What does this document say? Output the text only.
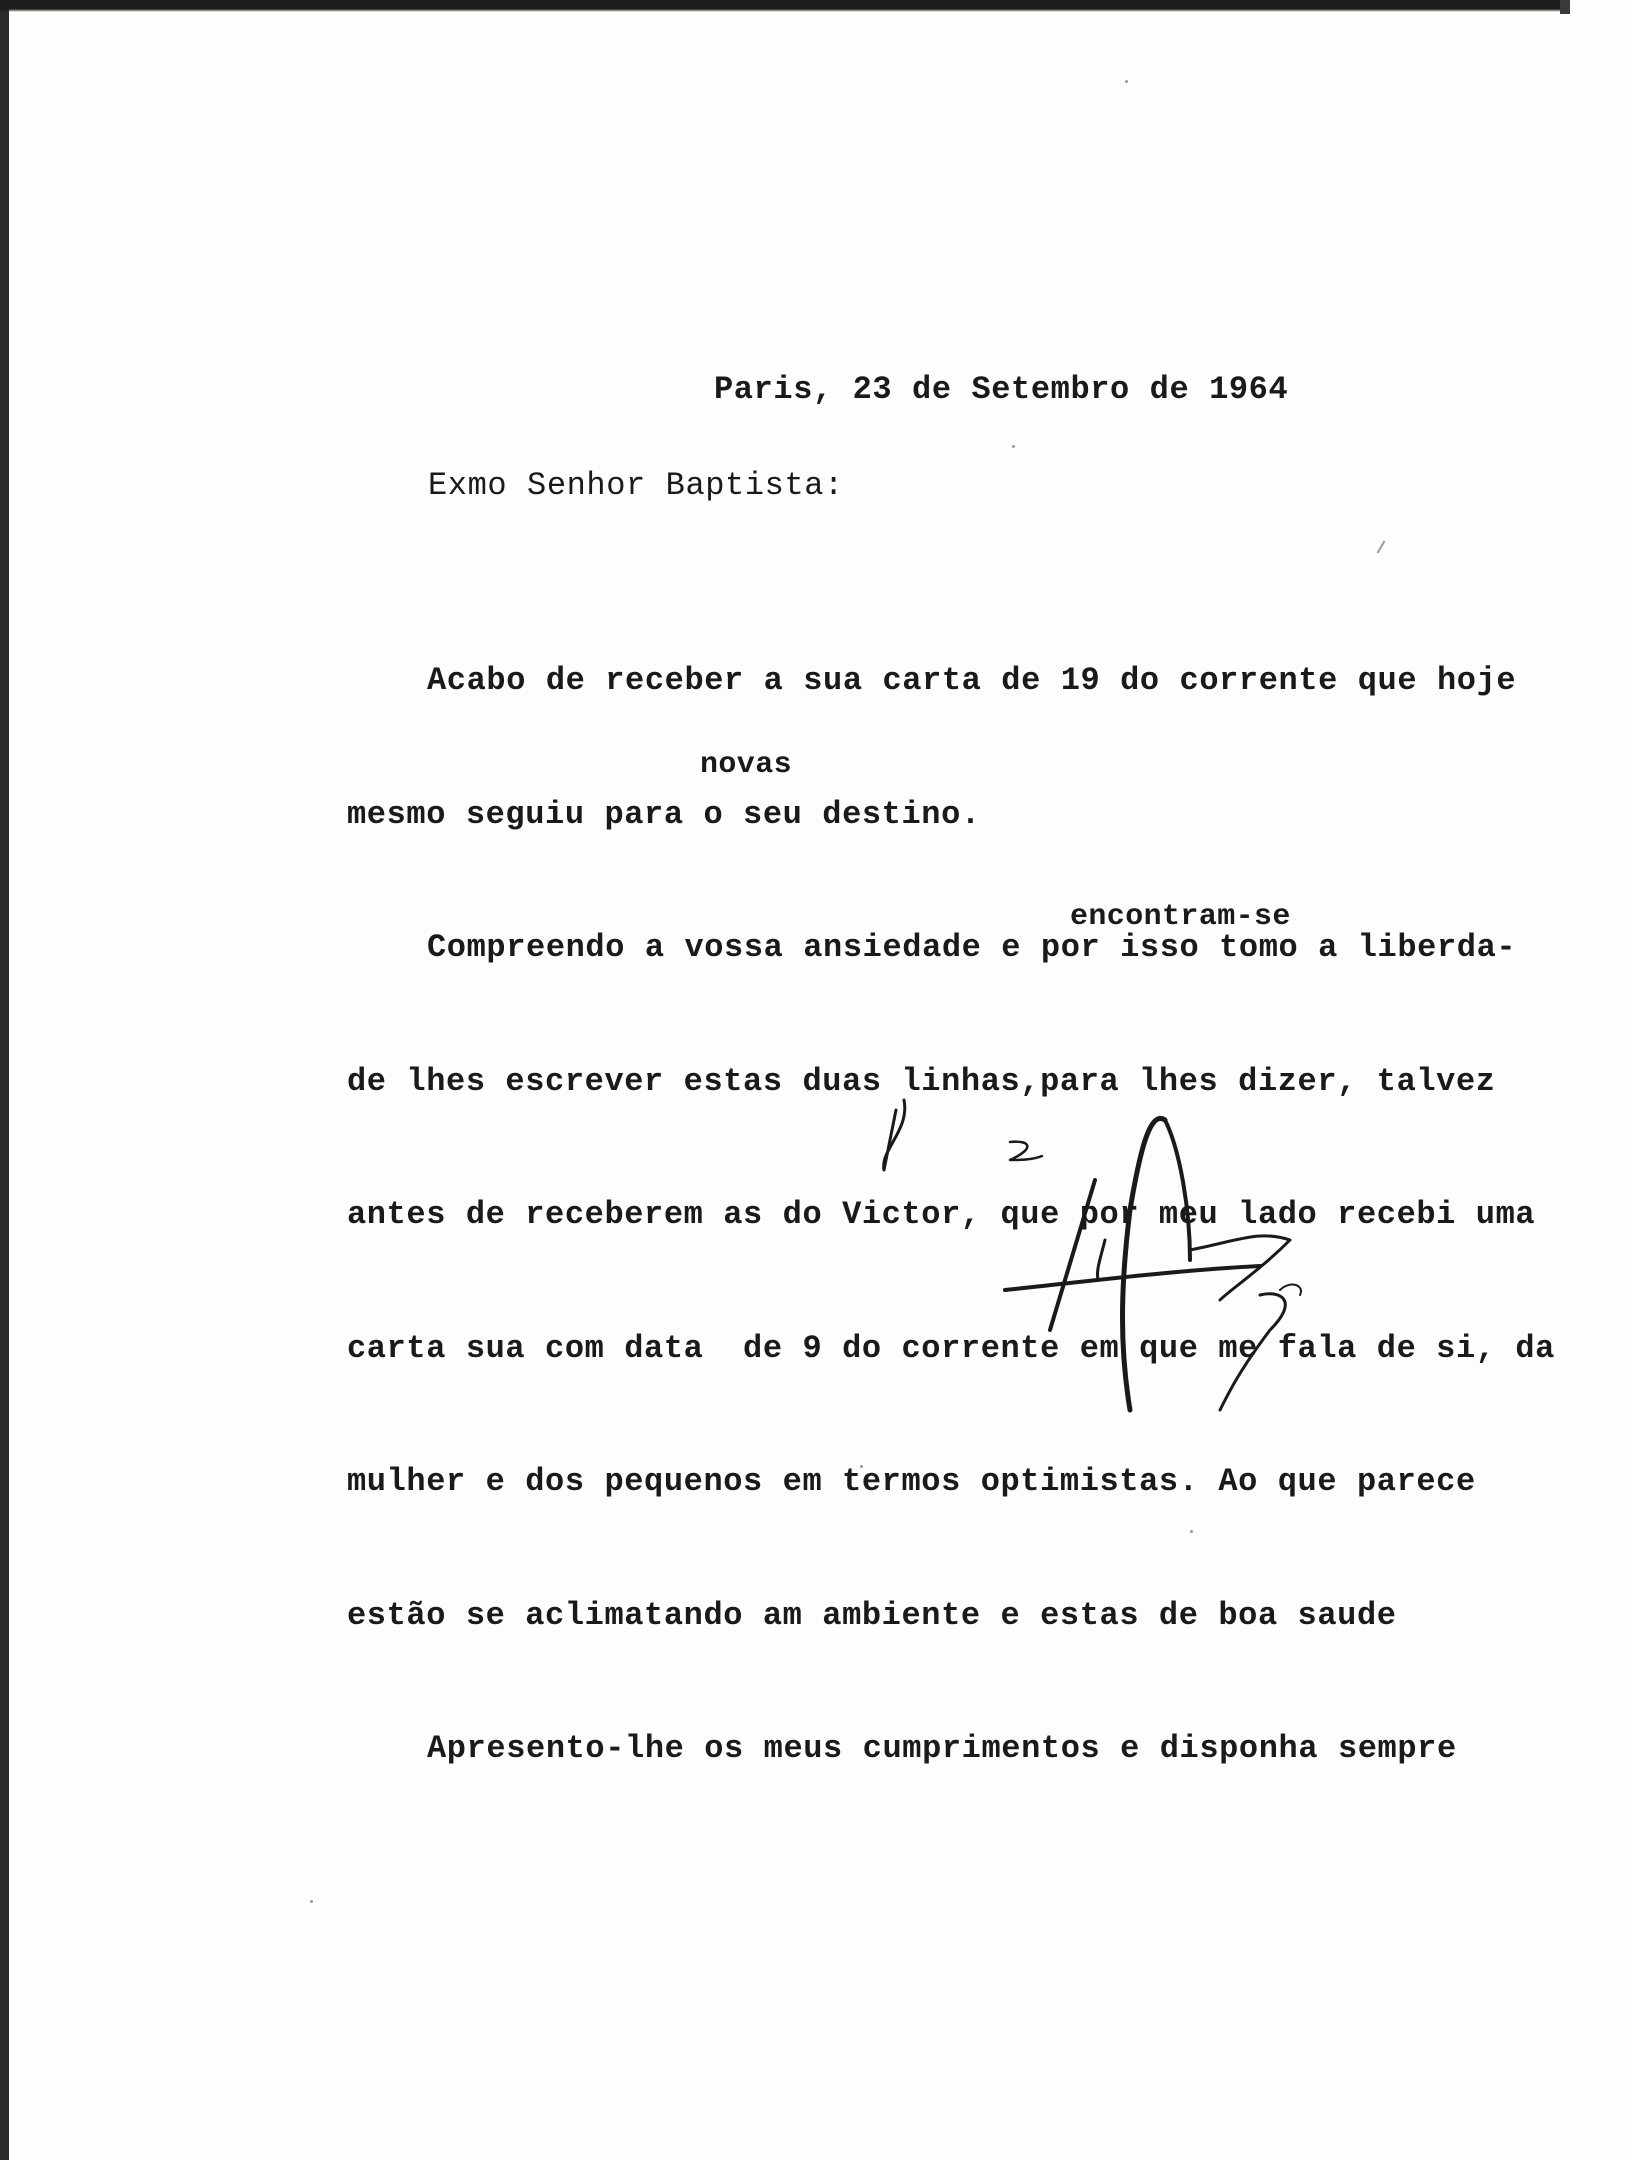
Paris, 23 de Setembro de 1964
Exmo Senhor Baptista:

Acabo de receber a sua carta de 19 do corrente que hoje

mesmo seguiu para o seu destino.

Compreendo a vossa ansiedade e por isso tomo a liberda-

de lhes escrever estas duas linhas,para lhes dizer, talvez

antes de receberem as do Victor, que por meu lado recebi uma

carta sua com data  de 9 do corrente em que me fala de si, da

mulher e dos pequenos em termos optimistas. Ao que parece

estão se aclimatando am ambiente e estas de boa saude

Apresento-lhe os meus cumprimentos e disponha sempre

novas
encontram-se
